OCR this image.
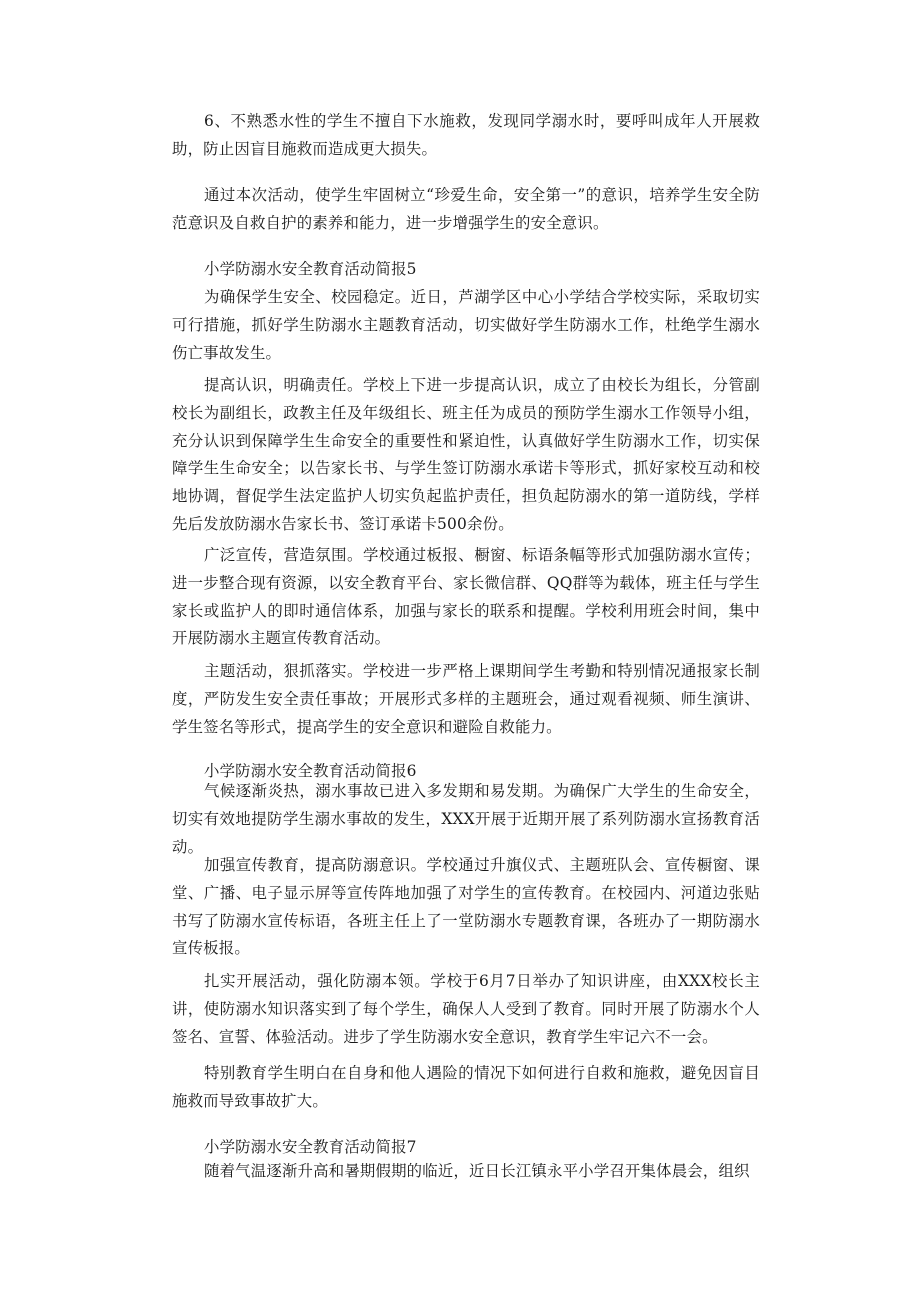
6、不熟悉水性的学生不擅自下水施救，发现同学溺水时，要呼叫成年人开展救助，防止因盲目施救而造成更大损失。

通过本次活动，使学生牢固树立“珍爱生命，安全第一”的意识，培养学生安全防范意识及自救自护的素养和能力，进一步增强学生的安全意识。

小学防溺水安全教育活动简报5

为确保学生安全、校园稳定。近日，芦湖学区中心小学结合学校实际，采取切实可行措施，抓好学生防溺水主题教育活动，切实做好学生防溺水工作，杜绝学生溺水伤亡事故发生。

提高认识，明确责任。学校上下进一步提高认识，成立了由校长为组长，分管副校长为副组长，政教主任及年级组长、班主任为成员的预防学生溺水工作领导小组，充分认识到保障学生生命安全的重要性和紧迫性，认真做好学生防溺水工作，切实保障学生生命安全；以告家长书、与学生签订防溺水承诺卡等形式，抓好家校互动和校地协调，督促学生法定监护人切实负起监护责任，担负起防溺水的第一道防线，学样先后发放防溺水告家长书、签订承诺卡500余份。

广泛宣传，营造氛围。学校通过板报、橱窗、标语条幅等形式加强防溺水宣传；进一步整合现有资源，以安全教育平台、家长微信群、QQ群等为载体，班主任与学生家长或监护人的即时通信体系，加强与家长的联系和提醒。学校利用班会时间，集中开展防溺水主题宣传教育活动。

主题活动，狠抓落实。学校进一步严格上课期间学生考勤和特别情况通报家长制度，严防发生安全责任事故；开展形式多样的主题班会，通过观看视频、师生演讲、学生签名等形式，提高学生的安全意识和避险自救能力。

小学防溺水安全教育活动简报6

气候逐渐炎热，溺水事故已进入多发期和易发期。为确保广大学生的生命安全，切实有效地提防学生溺水事故的发生，XXX开展于近期开展了系列防溺水宣扬教育活动。

加强宣传教育，提高防溺意识。学校通过升旗仪式、主题班队会、宣传橱窗、课堂、广播、电子显示屏等宣传阵地加强了对学生的宣传教育。在校园内、河道边张贴书写了防溺水宣传标语，各班主任上了一堂防溺水专题教育课，各班办了一期防溺水宣传板报。

扎实开展活动，强化防溺本领。学校于6月7日举办了知识讲座，由XXX校长主讲，使防溺水知识落实到了每个学生，确保人人受到了教育。同时开展了防溺水个人签名、宣誓、体验活动。进步了学生防溺水安全意识，教育学生牢记六不一会。

特别教育学生明白在自身和他人遇险的情况下如何进行自救和施救，避免因盲目施救而导致事故扩大。

小学防溺水安全教育活动简报7

随着气温逐渐升高和暑期假期的临近，近日长江镇永平小学召开集体晨会，组织
